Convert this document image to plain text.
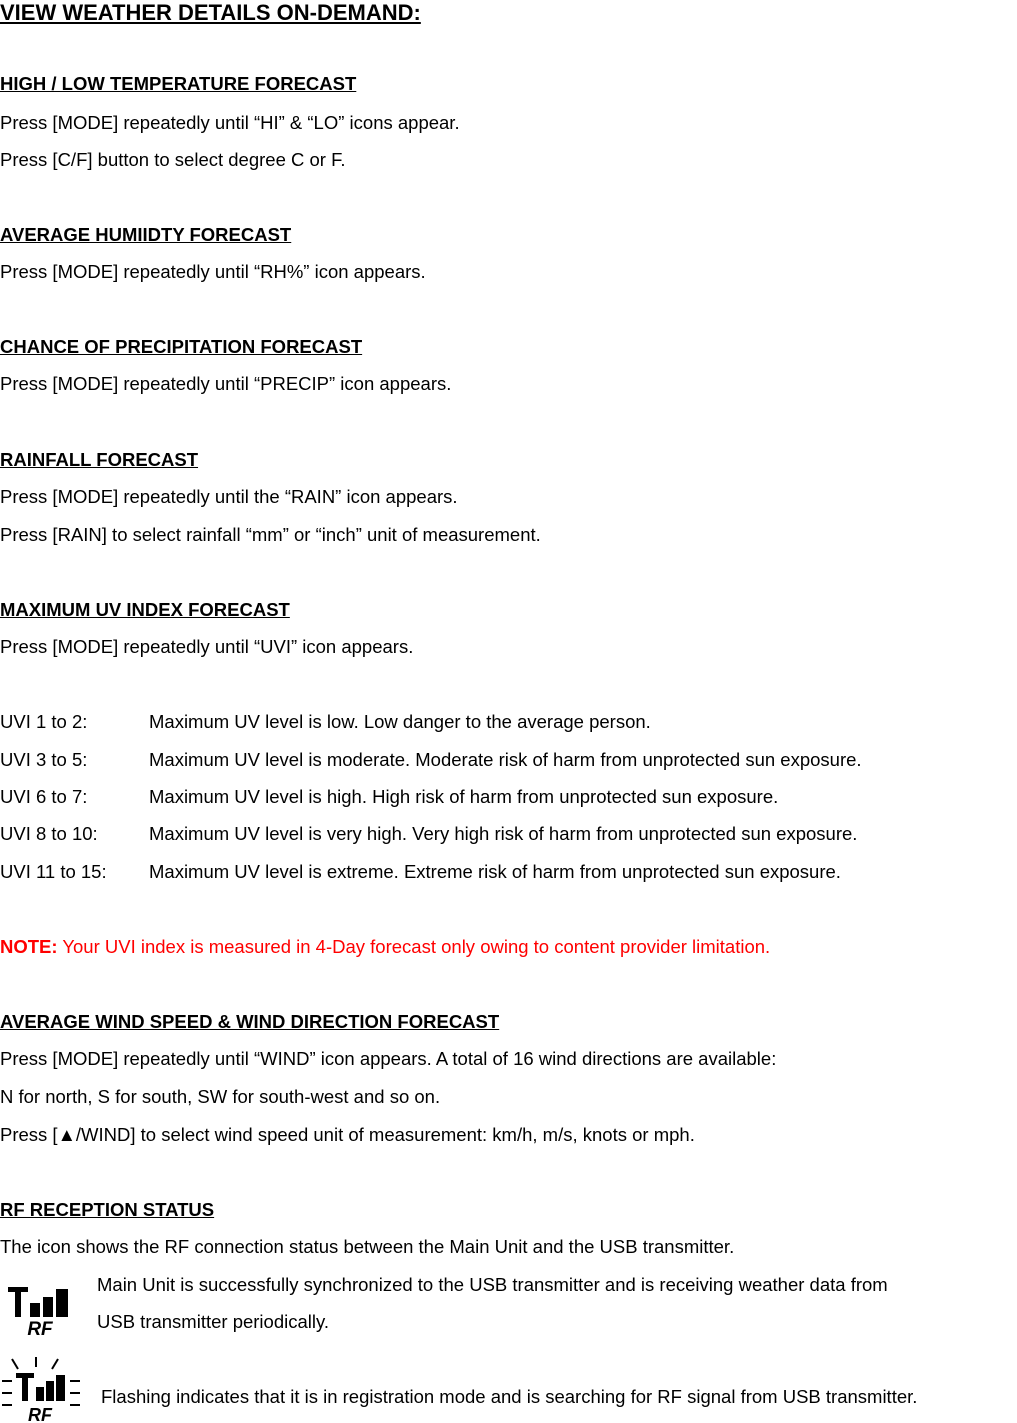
VIEW WEATHER DETAILS ON-DEMAND:
HIGH / LOW TEMPERATURE FORECAST
Press [MODE] repeatedly until “HI” & “LO” icons appear.
Press [C/F] button to select degree C or F.
AVERAGE HUMIIDTY FORECAST
Press [MODE] repeatedly until “RH%” icon appears.
CHANCE OF PRECIPITATION FORECAST
Press [MODE] repeatedly until “PRECIP” icon appears.
RAINFALL FORECAST
Press [MODE] repeatedly until the “RAIN” icon appears.
Press [RAIN] to select rainfall “mm” or “inch” unit of measurement.
MAXIMUM UV INDEX FORECAST
Press [MODE] repeatedly until “UVI” icon appears.
UVI 1 to 2:	Maximum UV level is low. Low danger to the average person.
UVI 3 to 5:	Maximum UV level is moderate. Moderate risk of harm from unprotected sun exposure.
UVI 6 to 7:	Maximum UV level is high. High risk of harm from unprotected sun exposure.
UVI 8 to 10:	Maximum UV level is very high. Very high risk of harm from unprotected sun exposure.
UVI 11 to 15: Maximum UV level is extreme. Extreme risk of harm from unprotected sun exposure.
NOTE: Your UVI index is measured in 4-Day forecast only owing to content provider limitation.
AVERAGE WIND SPEED & WIND DIRECTION FORECAST
Press [MODE] repeatedly until “WIND” icon appears. A total of 16 wind directions are available:
N for north, S for south, SW for south-west and so on.
Press [▲/WIND] to select wind speed unit of measurement: km/h, m/s, knots or mph.
RF RECEPTION STATUS
The icon shows the RF connection status between the Main Unit and the USB transmitter.
RF
Main Unit is successfully synchronized to the USB transmitter and is receiving weather data from
USB transmitter periodically.
RF
Flashing indicates that it is in registration mode and is searching for RF signal from USB transmitter.
